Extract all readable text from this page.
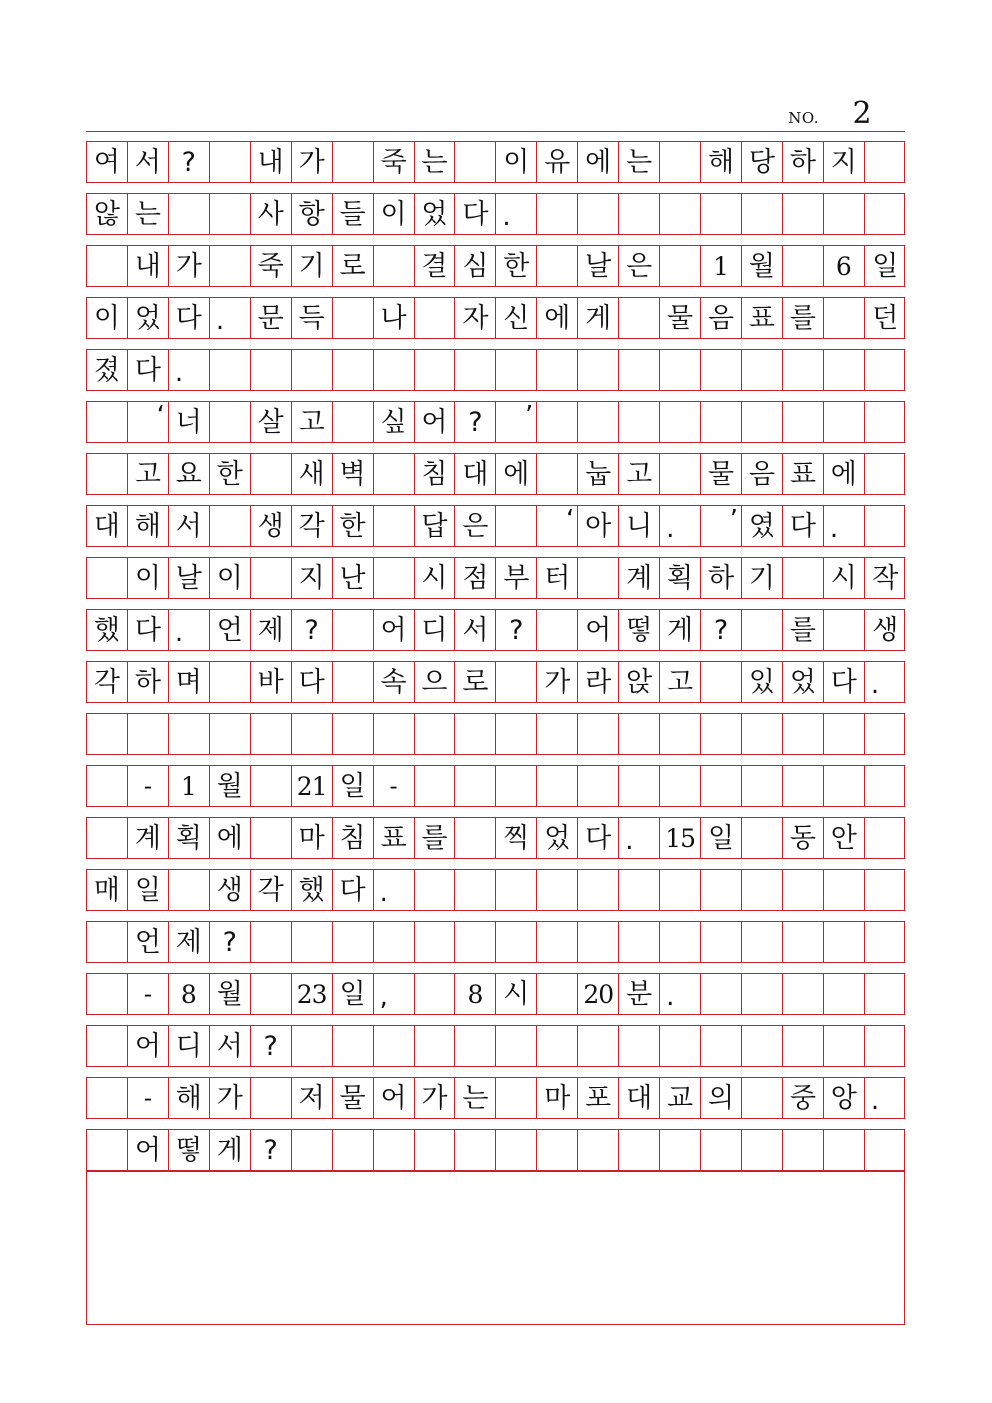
NO.	2
여 서 ?	내 가 죽 는 이 유 에 는 해 당 하 지
않 는	사 항 들 이 었 다 .
내 가 죽 기 로 결 심 한 날 은	1 월	6 일
이 었 다 .	문 득 나 자 신 에 게 물 음 표 를 던
졌 다 .
‘ 너 살 고 싶 어 ?	’
고 요 한 새 벽 침 대 에 눕 고 물 음 표 에
대 해 서 생 각 한 답 은	‘ 아 니 .	’ 였 다 .
이 날 이 지 난 시 점 부 터 계 획 하 기 시 작
했 다 .	언 제 ?	어 디 서 ?	어 떻 게 ?	를 생
각 하 며 바 다 속 으 로 가 라 앉 고 있 었 다 .
-	1 월	21 일 -
계 획 에 마 침 표 를 찍 었 다 .	15 일 동 안
매 일 생 각 했 다 .
언 제 ?
-	8 월	23 일 ,	8 시	20 분 .
어 디 서 ?
- 해 가 저 물 어 가 는 마 포 대 교 의 중 앙 .
어 떻 게 ?
